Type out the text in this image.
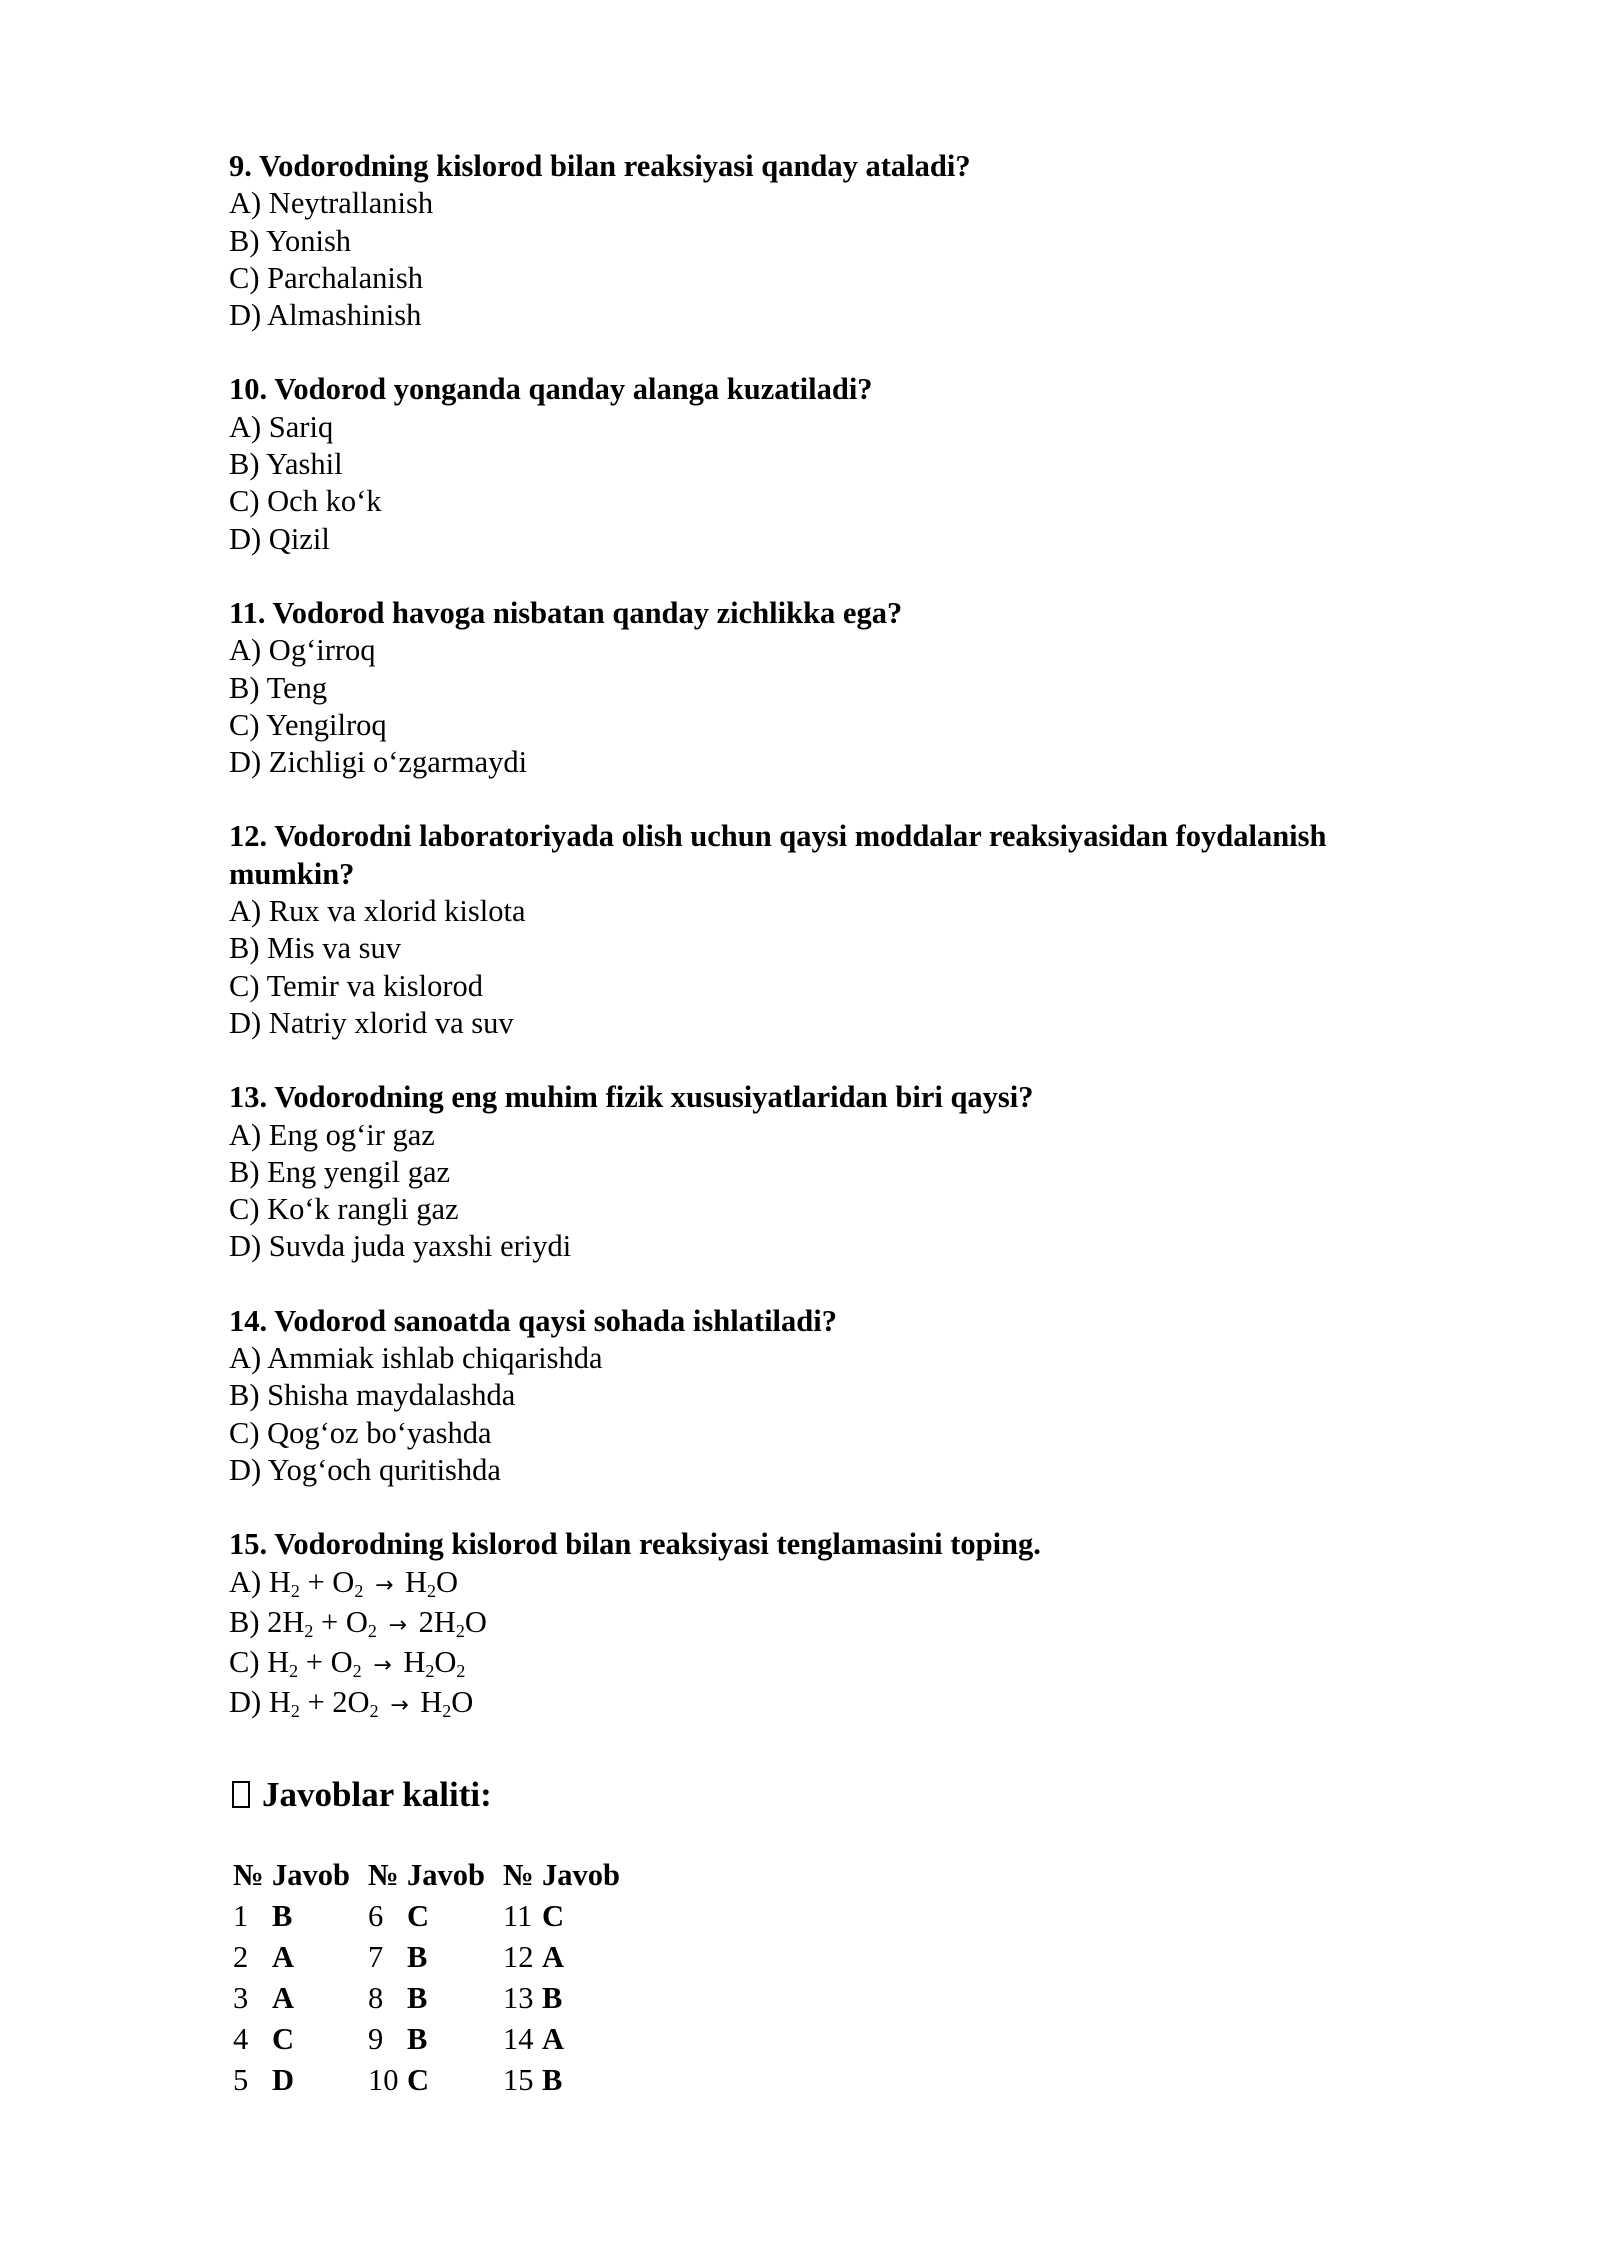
9. Vodorodning kislorod bilan reaksiyasi qanday ataladi?

A) Neytrallanish

B) Yonish

C) Parchalanish

D) Almashinish

10. Vodorod yonganda qanday alanga kuzatiladi?

A) Sariq

B) Yashil

C) Och ko‘k

D) Qizil

11. Vodorod havoga nisbatan qanday zichlikka ega?

A) Og‘irroq

B) Teng

C) Yengilroq

D) Zichligi o‘zgarmaydi

12. Vodorodni laboratoriyada olish uchun qaysi moddalar reaksiyasidan foydalanish mumkin?

A) Rux va xlorid kislota

B) Mis va suv

C) Temir va kislorod

D) Natriy xlorid va suv

13. Vodorodning eng muhim fizik xususiyatlaridan biri qaysi?

A) Eng og‘ir gaz

B) Eng yengil gaz

C) Ko‘k rangli gaz

D) Suvda juda yaxshi eriydi

14. Vodorod sanoatda qaysi sohada ishlatiladi?

A) Ammiak ishlab chiqarishda

B) Shisha maydalashda

C) Qog‘oz bo‘yashda

D) Yog‘och quritishda

15. Vodorodning kislorod bilan reaksiyasi tenglamasini toping.

A) $H_2 + O_2 \to H_2O$

B) $2H_2 + O_2 \to 2H_2O$

C) $H_2 + O_2 \to H_2O_2$

D) $H_2 + 2O_2 \to H_2O$

Javoblar kaliti:
№	Javob	№	Javob	№	Javob
1	B	6	C	11	C
2	A	7	B	12	A
3	A	8	B	13	B
4	C	9	B	14	A
5	D	10	C	15	B
